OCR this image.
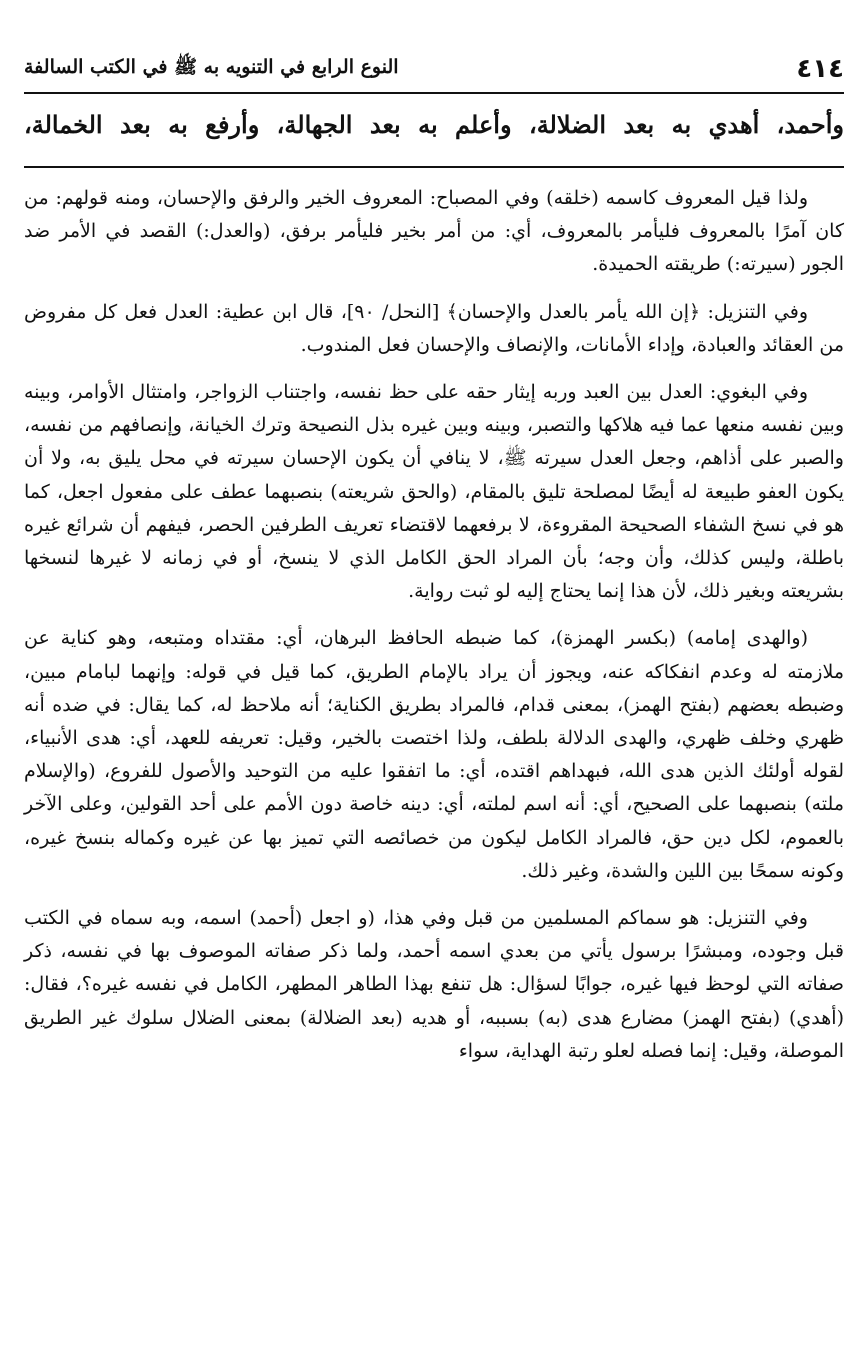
٤١٤
النوع الرابع في التنويه به ﷺ في الكتب السالفة
وأحمد، أهدي به بعد الضلالة، وأعلم به بعد الجهالة، وأرفع به بعد الخمالة،

ولذا قيل المعروف كاسمه (خلقه) وفي المصباح: المعروف الخير والرفق والإحسان، ومنه قولهم: من كان آمرًا بالمعروف فليأمر بالمعروف، أي: من أمر بخير فليأمر برفق، (والعدل:) القصد في الأمر ضد الجور (سيرته:) طريقته الحميدة.

وفي التنزيل: ﴿إن الله يأمر بالعدل والإحسان﴾ [النحل/ ٩٠]، قال ابن عطية: العدل فعل كل مفروض من العقائد والعبادة، وإداء الأمانات، والإنصاف والإحسان فعل المندوب.

وفي البغوي: العدل بين العبد وربه إيثار حقه على حظ نفسه، واجتناب الزواجر، وامتثال الأوامر، وبينه وبين نفسه منعها عما فيه هلاكها والتصبر، وبينه وبين غيره بذل النصيحة وترك الخيانة، وإنصافهم من نفسه، والصبر على أذاهم، وجعل العدل سيرته ﷺ، لا ينافي أن يكون الإحسان سيرته في محل يليق به، ولا أن يكون العفو طبيعة له أيضًا لمصلحة تليق بالمقام، (والحق شريعته) بنصبهما عطف على مفعول اجعل، كما هو في نسخ الشفاء الصحيحة المقروءة، لا برفعهما لاقتضاء تعريف الطرفين الحصر، فيفهم أن شرائع غيره باطلة، وليس كذلك، وأن وجه؛ بأن المراد الحق الكامل الذي لا ينسخ، أو في زمانه لا غيرها لنسخها بشريعته وبغير ذلك، لأن هذا إنما يحتاج إليه لو ثبت رواية.

(والهدى إمامه) (بكسر الهمزة)، كما ضبطه الحافظ البرهان، أي: مقتداه ومتبعه، وهو كناية عن ملازمته له وعدم انفكاكه عنه، ويجوز أن يراد بالإمام الطريق، كما قيل في قوله: وإنهما لبامام مبين، وضبطه بعضهم (بفتح الهمز)، بمعنى قدام، فالمراد بطريق الكناية؛ أنه ملاحظ له، كما يقال: في ضده أنه ظهري وخلف ظهري، والهدى الدلالة بلطف، ولذا اختصت بالخير، وقيل: تعريفه للعهد، أي: هدى الأنبياء، لقوله أولئك الذين هدى الله، فبهداهم اقتده، أي: ما اتفقوا عليه من التوحيد والأصول للفروع، (والإسلام ملته) بنصبهما على الصحيح، أي: أنه اسم لملته، أي: دينه خاصة دون الأمم على أحد القولين، وعلى الآخر بالعموم، لكل دين حق، فالمراد الكامل ليكون من خصائصه التي تميز بها عن غيره وكماله بنسخ غيره، وكونه سمحًا بين اللين والشدة، وغير ذلك.

وفي التنزيل: هو سماكم المسلمين من قبل وفي هذا، (و اجعل (أحمد) اسمه، وبه سماه في الكتب قبل وجوده، ومبشرًا برسول يأتي من بعدي اسمه أحمد، ولما ذكر صفاته الموصوف بها في نفسه، ذكر صفاته التي لوحظ فيها غيره، جوابًا لسؤال: هل تنفع بهذا الطاهر المطهر، الكامل في نفسه غيره؟، فقال: (أهدي) (بفتح الهمز) مضارع هدى (به) بسببه، أو هديه (بعد الضلالة) بمعنى الضلال سلوك غير الطريق الموصلة، وقيل: إنما فصله لعلو رتبة الهداية، سواء
